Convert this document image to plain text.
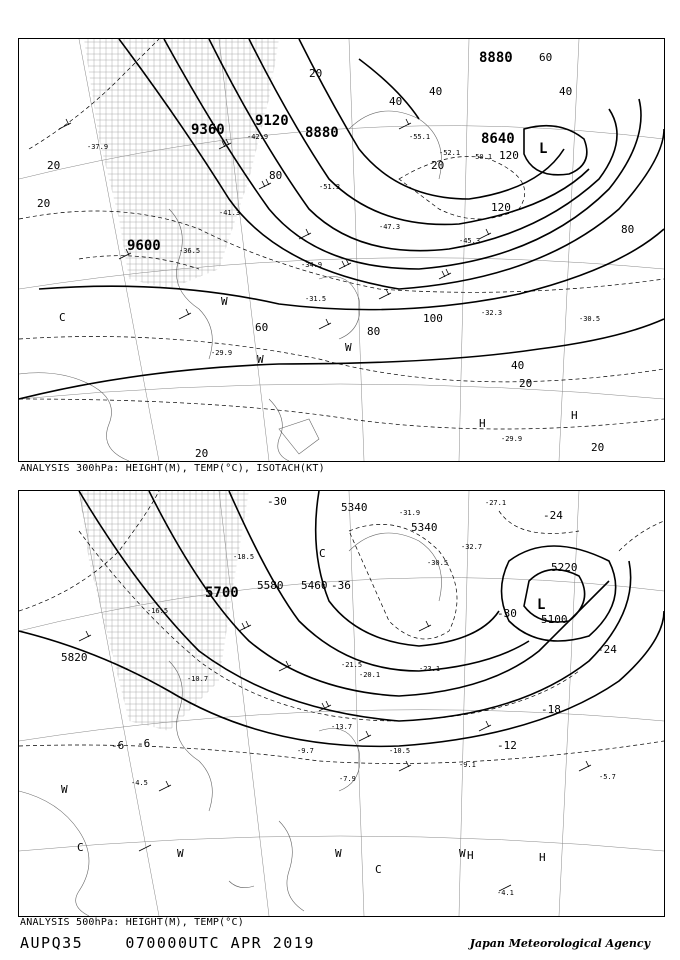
9360
9120
8880
8880
8640
9600
20
20
20
20
40
40
40
60
60
80
80
80
100
120
120
20
20
20
40
-52.1 -50.1
-51.3
-42.9
-45.3
-36.5
-34.9
-31.5
-32.3
-30.5
-29.9
-29.9
-37.9
-41.3
-47.3
-55.1
L
H
H
W
W
W
C
ANALYSIS 300hPa: HEIGHT(M), TEMP(°C), ISOTACH(KT)
5340
5340
5220
5100
5460
5580
5700
5820
-30
-24
-24
-18
-12
-6 -6
-36
-30
-31.9
-27.1
-32.7
-30.5
-21.5
-20.1
-18.5
-16.5
-13.7
-10.5
-9.1
-7.9	-5.7
-4.5
-4.1
-23.1
-10.7
-9.7
L
H	H
W
W	W	W
C
C
C
ANALYSIS 500hPa: HEIGHT(M), TEMP(°C)
AUPQ35	070000UTC APR 2019	Japan Meteorological Agency
